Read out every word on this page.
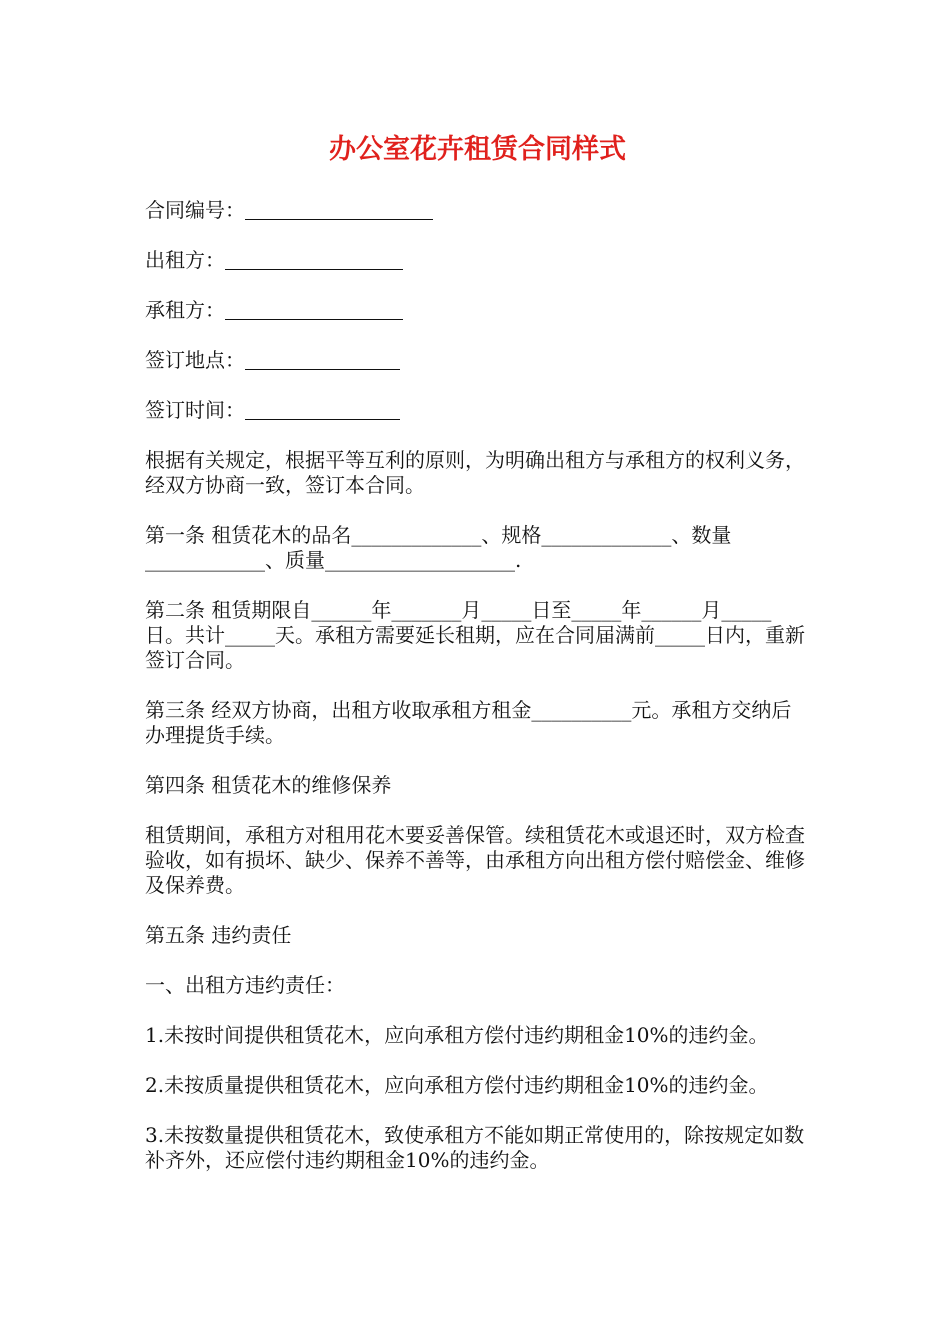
办公室花卉租赁合同样式
合同编号：
出租方：
承租方：
签订地点：
签订时间：

根据有关规定，根据平等互利的原则，为明确出租方与承租方的权利义务，经双方协商一致，签订本合同。

第一条 租赁花木的品名_____________、规格_____________、数量____________、质量___________________.

第二条 租赁期限自______年_______月_____日至_____年______月_____日。共计_____天。承租方需要延长租期，应在合同届满前_____日内，重新签订合同。

第三条 经双方协商，出租方收取承租方租金__________元。承租方交纳后办理提货手续。

第四条 租赁花木的维修保养

租赁期间，承租方对租用花木要妥善保管。续租赁花木或退还时，双方检查验收，如有损坏、缺少、保养不善等，由承租方向出租方偿付赔偿金、维修及保养费。

第五条 违约责任

一、出租方违约责任：

1.未按时间提供租赁花木，应向承租方偿付违约期租金10%的违约金。

2.未按质量提供租赁花木，应向承租方偿付违约期租金10%的违约金。

3.未按数量提供租赁花木，致使承租方不能如期正常使用的，除按规定如数补齐外，还应偿付违约期租金10%的违约金。
